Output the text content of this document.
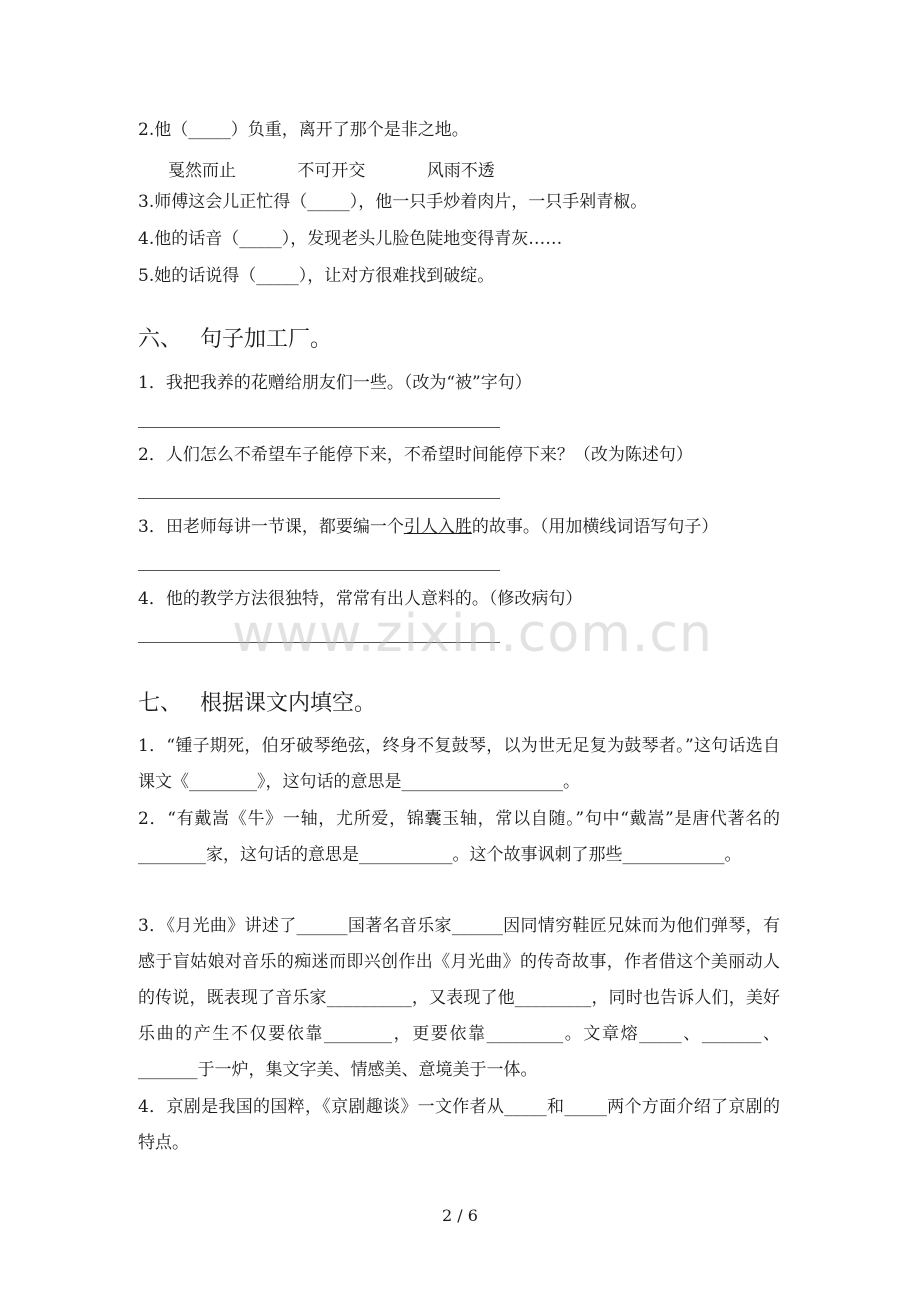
2.他（_____）负重，离开了那个是非之地。
戛然而止	不可开交	风雨不透
3.师傅这会儿正忙得（_____），他一只手炒着肉片，一只手剁青椒。
4.他的话音（_____），发现老头儿脸色陡地变得青灰……
5.她的话说得（_____），让对方很难找到破绽。
六、 句子加工厂。
1．我把我养的花赠给朋友们一些。（改为“被”字句）
2．人们怎么不希望车子能停下来，不希望时间能停下来？（改为陈述句）
3．田老师每讲一节课，都要编一个引人入胜的故事。（用加横线词语写句子）
4．他的教学方法很独特，常常有出人意料的。（修改病句）
www.zixin.com.cn
七、 根据课文内填空。
1．“锺子期死，伯牙破琴绝弦，终身不复鼓琴，以为世无足复为鼓琴者。”这句话选自课文《________》，这句话的意思是___________________。
2．“有戴嵩《牛》一轴，尤所爱，锦囊玉轴，常以自随。”句中“戴嵩”是唐代著名的________家，这句话的意思是___________。这个故事讽刺了那些____________。
3．《月光曲》讲述了______国著名音乐家______因同情穷鞋匠兄妹而为他们弹琴，有感于盲姑娘对音乐的痴迷而即兴创作出《月光曲》的传奇故事，作者借这个美丽动人的传说，既表现了音乐家__________，又表现了他_________，同时也告诉人们，美好乐曲的产生不仅要依靠________，更要依靠_________。文章熔_____、_______、_______于一炉，集文字美、情感美、意境美于一体。
4．京剧是我国的国粹，《京剧趣谈》一文作者从_____和_____两个方面介绍了京剧的特点。
2 / 6
